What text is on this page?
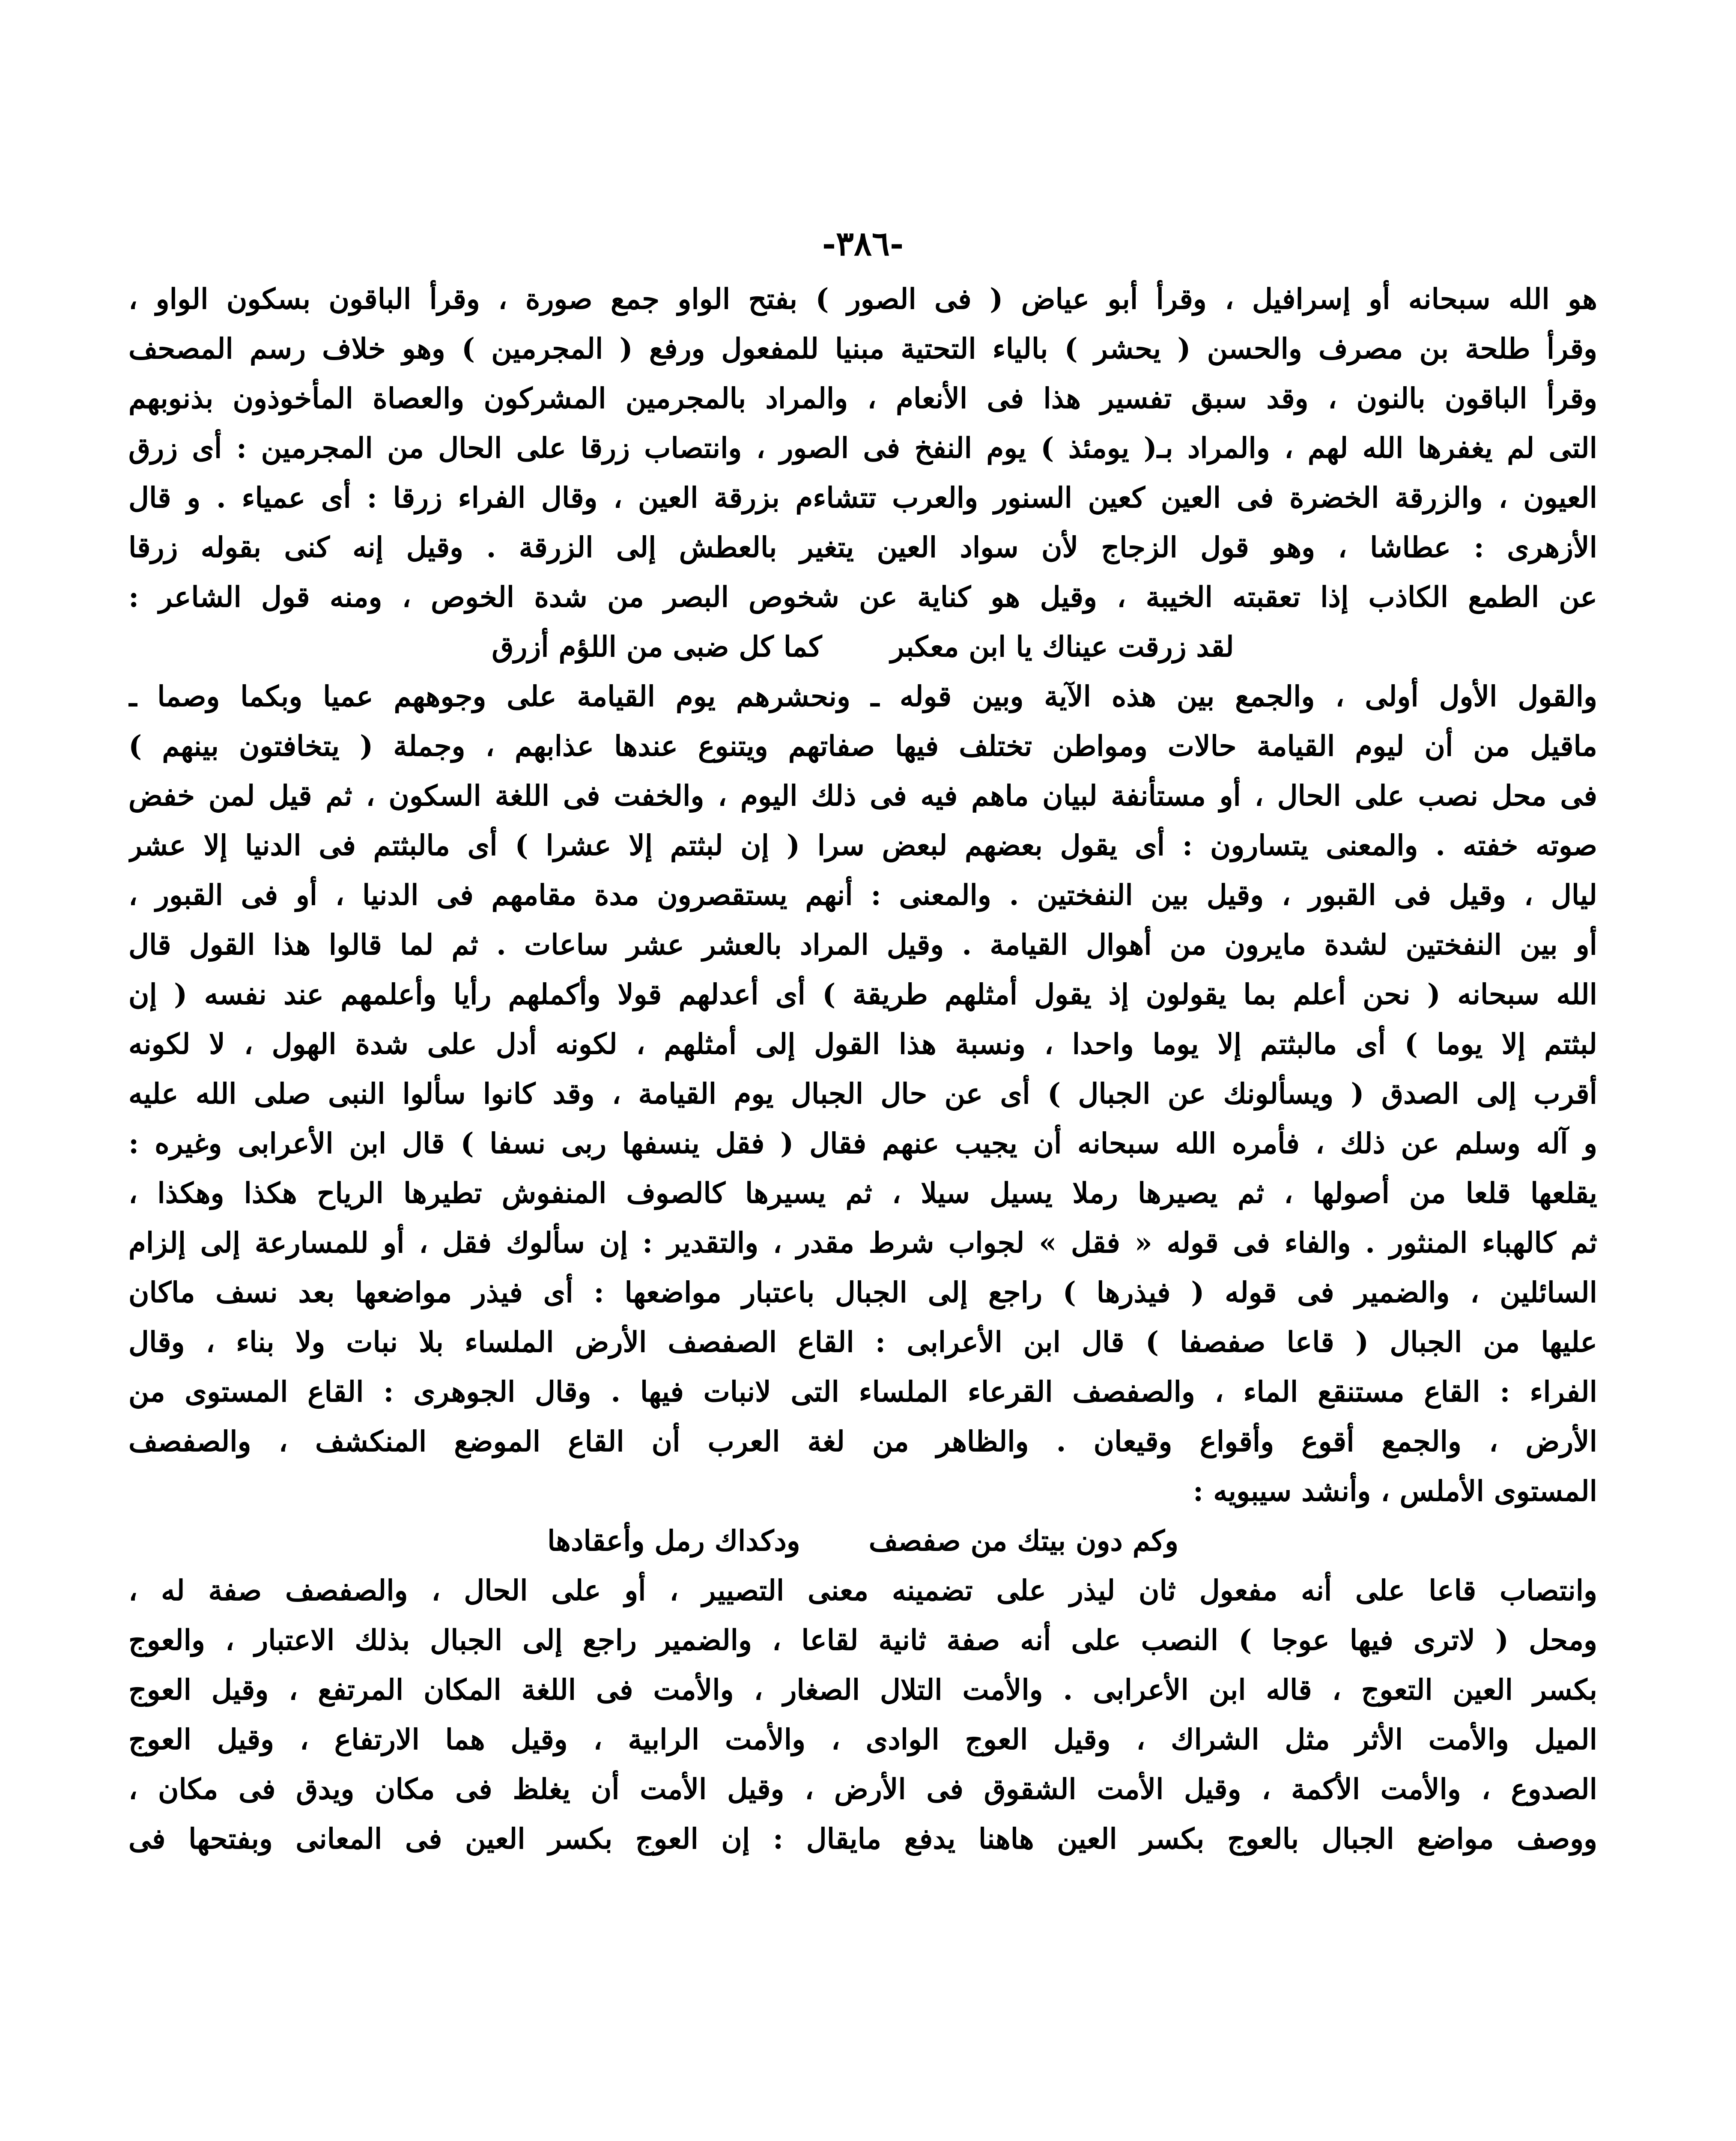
-٣٨٦-
هو الله سبحانه أو إسرافيل ، وقرأ أبو عياض ( فى الصور ) بفتح الواو جمع صورة ، وقرأ الباقون بسكون الواو ،
وقرأ طلحة بن مصرف والحسن ( يحشر ) بالياء التحتية مبنيا للمفعول ورفع ( المجرمين ) وهو خلاف رسم المصحف
وقرأ الباقون بالنون ، وقد سبق تفسير هذا فى الأنعام ، والمراد بالمجرمين المشركون والعصاة المأخوذون بذنوبهم
التى لم يغفرها الله لهم ، والمراد بـ( يومئذ ) يوم النفخ فى الصور ، وانتصاب زرقا على الحال من المجرمين : أى زرق
العيون ، والزرقة الخضرة فى العين كعين السنور والعرب تتشاءم بزرقة العين ، وقال الفراء زرقا : أى عمياء . و قال
الأزهرى : عطاشا ، وهو قول الزجاج لأن سواد العين يتغير بالعطش إلى الزرقة . وقيل إنه كنى بقوله زرقا
عن الطمع الكاذب إذا تعقبته الخيبة ، وقيل هو كناية عن شخوص البصر من شدة الخوص ، ومنه قول الشاعر :
لقد زرقت عيناك يا ابن معكبر
كما كل ضبى من اللؤم أزرق
والقول الأول أولى ، والجمع بين هذه الآية وبين قوله ـ ونحشرهم يوم القيامة على وجوههم عميا وبكما وصما ـ
ماقيل من أن ليوم القيامة حالات ومواطن تختلف فيها صفاتهم ويتنوع عندها عذابهم ، وجملة ( يتخافتون بينهم )
فى محل نصب على الحال ، أو مستأنفة لبيان ماهم فيه فى ذلك اليوم ، والخفت فى اللغة السكون ، ثم قيل لمن خفض
صوته خفته . والمعنى يتسارون : أى يقول بعضهم لبعض سرا ( إن لبثتم إلا عشرا ) أى مالبثتم فى الدنيا إلا عشر
ليال ، وقيل فى القبور ، وقيل بين النفختين . والمعنى : أنهم يستقصرون مدة مقامهم فى الدنيا ، أو فى القبور ،
أو بين النفختين لشدة مايرون من أهوال القيامة . وقيل المراد بالعشر عشر ساعات . ثم لما قالوا هذا القول قال
الله سبحانه ( نحن أعلم بما يقولون إذ يقول أمثلهم طريقة ) أى أعدلهم قولا وأكملهم رأيا وأعلمهم عند نفسه ( إن
لبثتم إلا يوما ) أى مالبثتم إلا يوما واحدا ، ونسبة هذا القول إلى أمثلهم ، لكونه أدل على شدة الهول ، لا لكونه
أقرب إلى الصدق ( ويسألونك عن الجبال ) أى عن حال الجبال يوم القيامة ، وقد كانوا سألوا النبى صلى الله عليه
و آله وسلم عن ذلك ، فأمره الله سبحانه أن يجيب عنهم فقال ( فقل ينسفها ربى نسفا ) قال ابن الأعرابى وغيره :
يقلعها قلعا من أصولها ، ثم يصيرها رملا يسيل سيلا ، ثم يسيرها كالصوف المنفوش تطيرها الرياح هكذا وهكذا ،
ثم كالهباء المنثور . والفاء فى قوله « فقل » لجواب شرط مقدر ، والتقدير : إن سألوك فقل ، أو للمسارعة إلى إلزام
السائلين ، والضمير فى قوله ( فيذرها ) راجع إلى الجبال باعتبار مواضعها : أى فيذر مواضعها بعد نسف ماكان
عليها من الجبال ( قاعا صفصفا ) قال ابن الأعرابى : القاع الصفصف الأرض الملساء بلا نبات ولا بناء ، وقال
الفراء : القاع مستنقع الماء ، والصفصف القرعاء الملساء التى لانبات فيها . وقال الجوهرى : القاع المستوى من
الأرض ، والجمع أقوع وأقواع وقيعان . والظاهر من لغة العرب أن القاع الموضع المنكشف ، والصفصف
المستوى الأملس ، وأنشد سيبويه :
وكم دون بيتك من صفصف
ودكداك رمل وأعقادها
وانتصاب قاعا على أنه مفعول ثان ليذر على تضمينه معنى التصيير ، أو على الحال ، والصفصف صفة له ،
ومحل ( لاترى فيها عوجا ) النصب على أنه صفة ثانية لقاعا ، والضمير راجع إلى الجبال بذلك الاعتبار ، والعوج
بكسر العين التعوج ، قاله ابن الأعرابى . والأمت التلال الصغار ، والأمت فى اللغة المكان المرتفع ، وقيل العوج
الميل والأمت الأثر مثل الشراك ، وقيل العوج الوادى ، والأمت الرابية ، وقيل هما الارتفاع ، وقيل العوج
الصدوع ، والأمت الأكمة ، وقيل الأمت الشقوق فى الأرض ، وقيل الأمت أن يغلظ فى مكان ويدق فى مكان ،
ووصف مواضع الجبال بالعوج بكسر العين هاهنا يدفع مايقال : إن العوج بكسر العين فى المعانى وبفتحها فى
